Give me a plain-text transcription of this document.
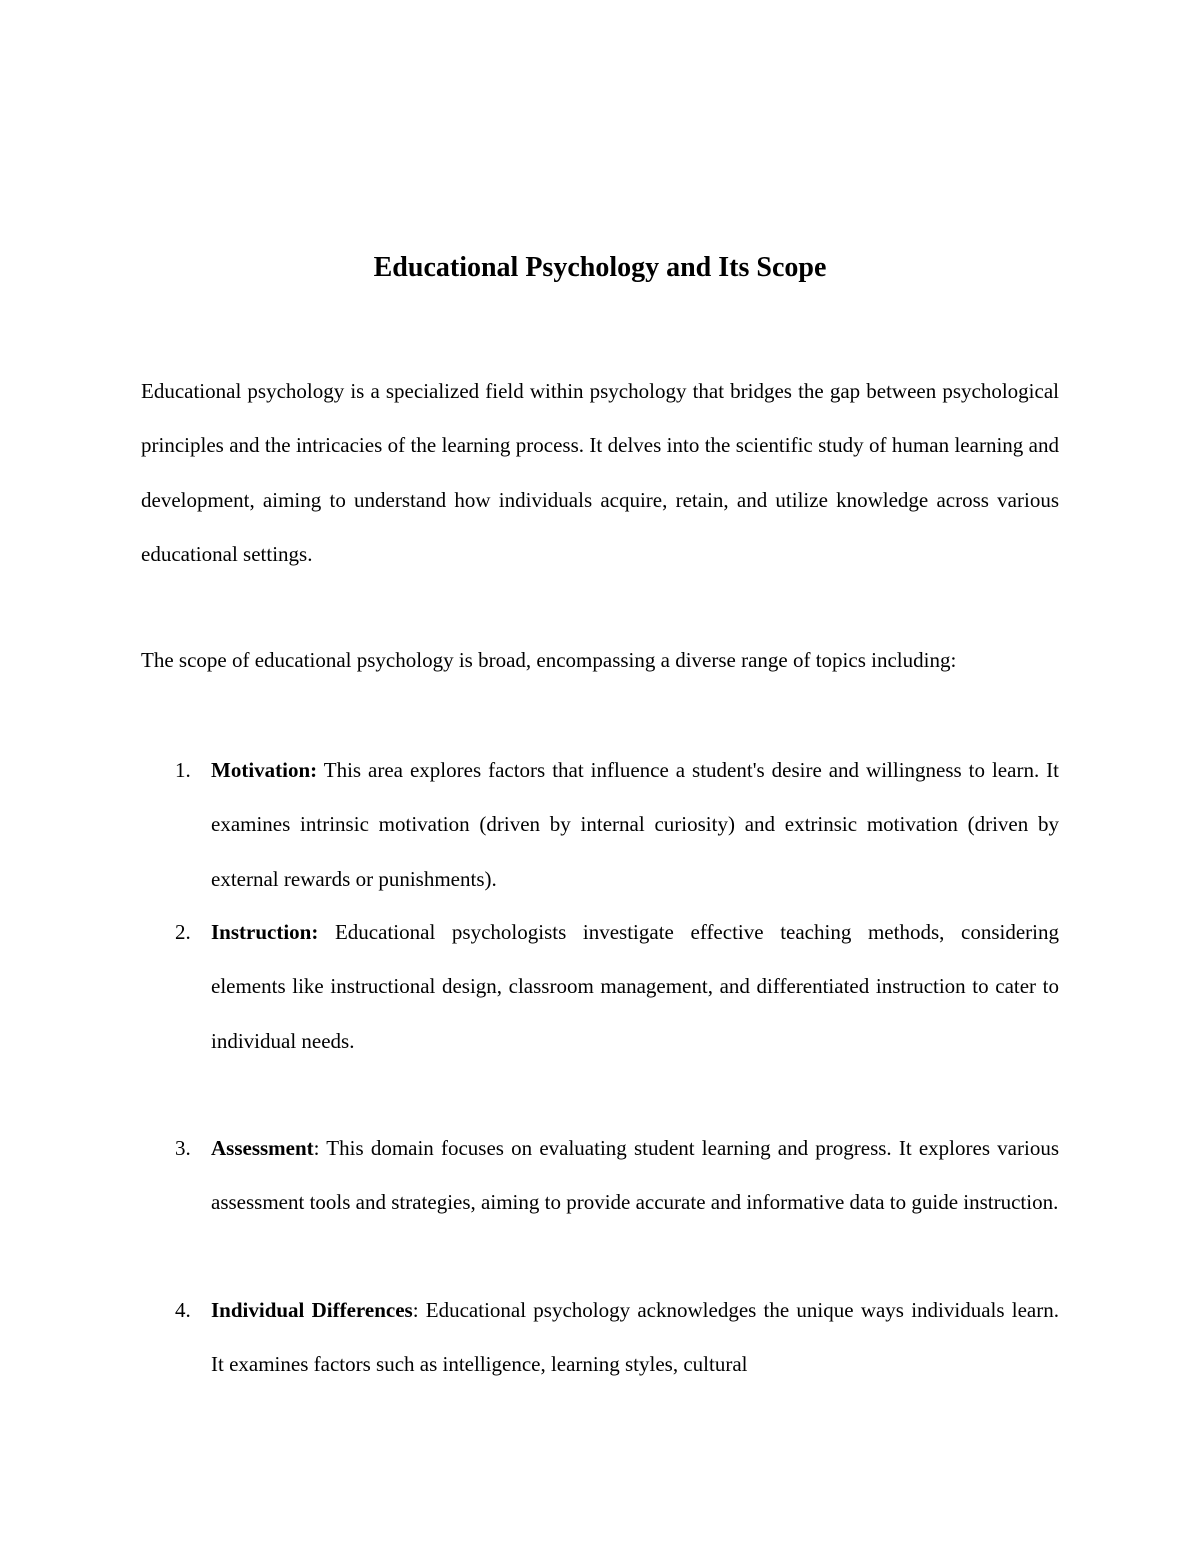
Educational Psychology and Its Scope

Educational psychology is a specialized field within psychology that bridges the gap between psychological principles and the intricacies of the learning process. It delves into the scientific study of human learning and development, aiming to understand how individuals acquire, retain, and utilize knowledge across various educational settings.

The scope of educational psychology is broad, encompassing a diverse range of topics including:

1. Motivation: This area explores factors that influence a student's desire and willingness to learn. It examines intrinsic motivation (driven by internal curiosity) and extrinsic motivation (driven by external rewards or punishments).
2. Instruction: Educational psychologists investigate effective teaching methods, considering elements like instructional design, classroom management, and differentiated instruction to cater to individual needs.
3. Assessment: This domain focuses on evaluating student learning and progress. It explores various assessment tools and strategies, aiming to provide accurate and informative data to guide instruction.
4. Individual Differences: Educational psychology acknowledges the unique ways individuals learn. It examines factors such as intelligence, learning styles, cultural
